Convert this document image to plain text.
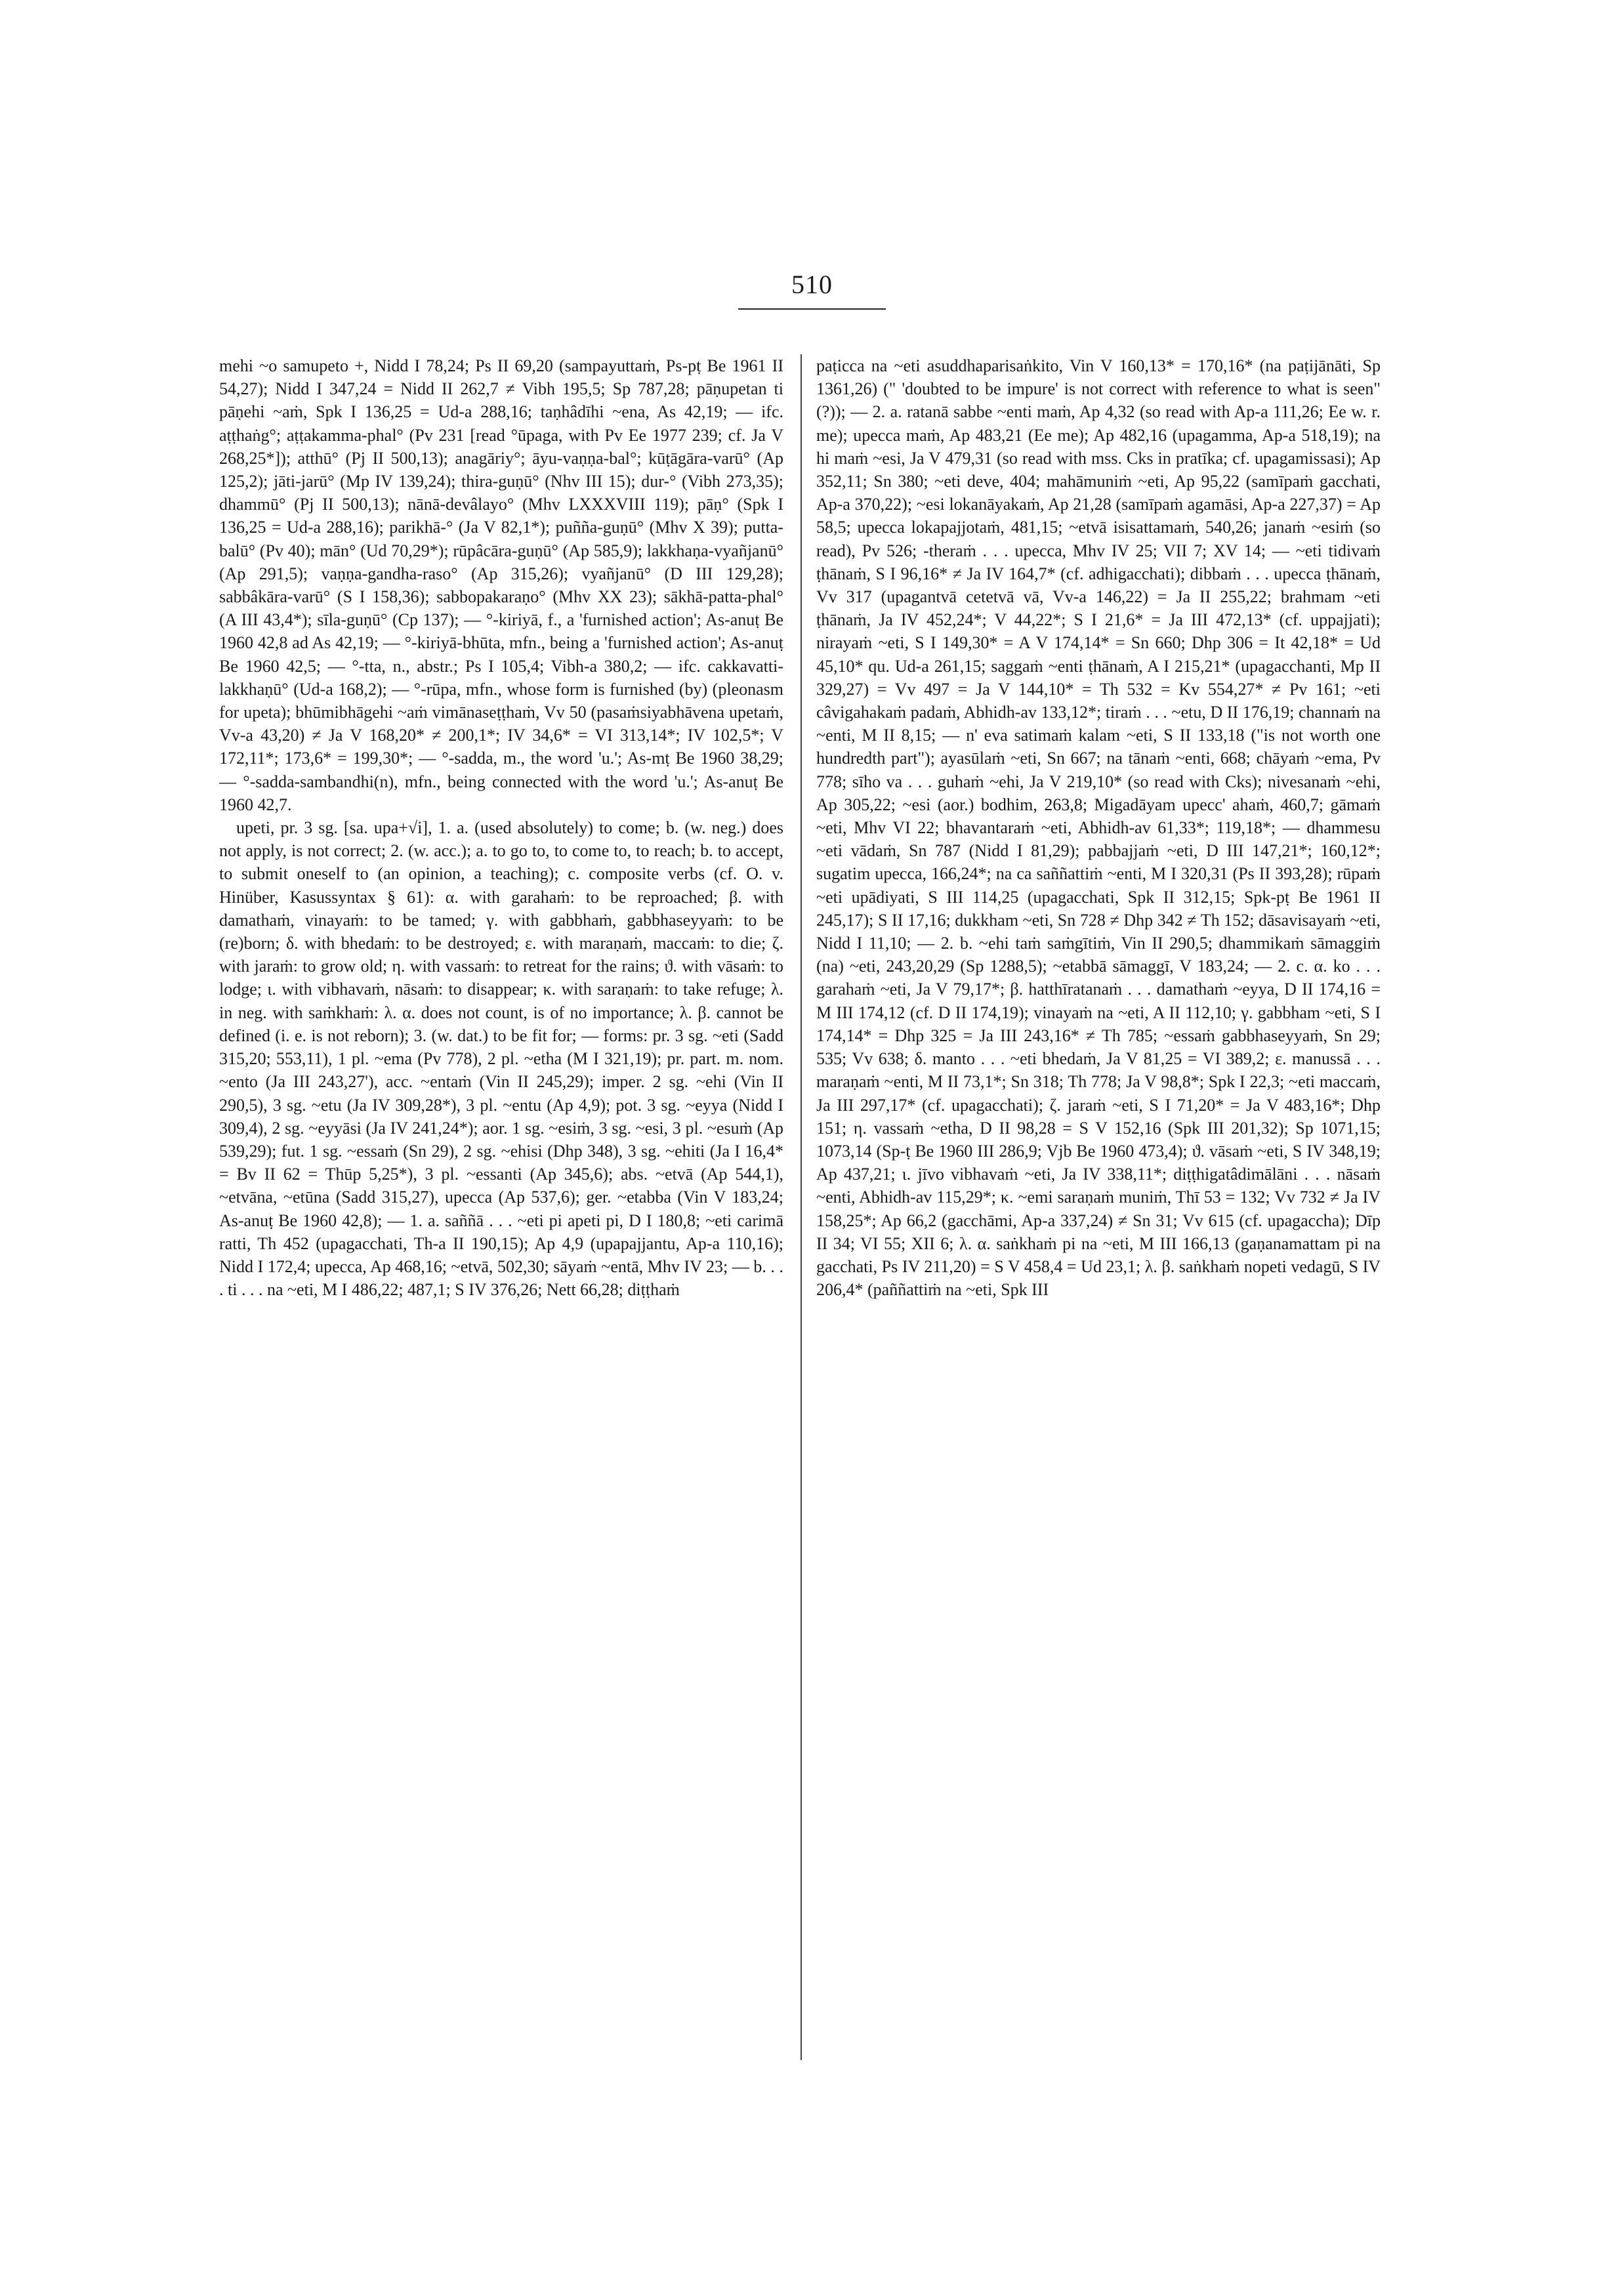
510

mehi ~o samupeto +, Nidd I 78,24; Ps II 69,20 (sampayuttaṁ, Ps-pṭ Be 1961 II 54,27); Nidd I 347,24 = Nidd II 262,7 ≠ Vibh 195,5; Sp 787,28; pāṇupetan ti pāṇehi ~aṁ, Spk I 136,25 = Ud-a 288,16; taṇhâdīhi ~ena, As 42,19; — ifc. aṭṭhaṅg°; aṭṭakamma-phal° (Pv 231 [read °ūpaga, with Pv Ee 1977 239; cf. Ja V 268,25*]); atthū° (Pj II 500,13); anagāriy°; āyu-vaṇṇa-bal°; kūṭāgāra-varū° (Ap 125,2); jāti-jarū° (Mp IV 139,24); thira-guṇū° (Nhv III 15); dur-° (Vibh 273,35); dhammū° (Pj II 500,13); nānā-devâlayo° (Mhv LXXXVIII 119); pāṇ° (Spk I 136,25 = Ud-a 288,16); parikhā-° (Ja V 82,1*); puñña-guṇū° (Mhv X 39); putta-balū° (Pv 40); mān° (Ud 70,29*); rūpâcāra-guṇū° (Ap 585,9); lakkhaṇa-vyañjanū° (Ap 291,5); vaṇṇa-gandha-raso° (Ap 315,26); vyañjanū° (D III 129,28); sabbâkāra-varū° (S I 158,36); sabbopakaraṇo° (Mhv XX 23); sākhā-patta-phal° (A III 43,4*); sīla-guṇū° (Cp 137); — °-kiriyā, f., a 'furnished action'; As-anuṭ Be 1960 42,8 ad As 42,19; — °-kiriyā-bhūta, mfn., being a 'furnished action'; As-anuṭ Be 1960 42,5; — °-tta, n., abstr.; Ps I 105,4; Vibh-a 380,2; — ifc. cakkavatti-lakkhaṇū° (Ud-a 168,2); — °-rūpa, mfn., whose form is furnished (by) (pleonasm for upeta); bhūmibhāgehi ~aṁ vimānaseṭṭhaṁ, Vv 50 (pasaṁsiyabhāvena upetaṁ, Vv-a 43,20) ≠ Ja V 168,20* ≠ 200,1*; IV 34,6* = VI 313,14*; IV 102,5*; V 172,11*; 173,6* = 199,30*; — °-sadda, m., the word 'u.'; As-mṭ Be 1960 38,29; — °-sadda-sambandhi(n), mfn., being connected with the word 'u.'; As-anuṭ Be 1960 42,7.

upeti, pr. 3 sg. [sa. upa+√i], 1. a. (used absolutely) to come; b. (w. neg.) does not apply, is not correct; 2. (w. acc.); a. to go to, to come to, to reach; b. to accept, to submit oneself to (an opinion, a teaching); c. composite verbs (cf. O. v. Hinüber, Kasussyntax § 61): α. with garahaṁ: to be reproached; β. with damathaṁ, vinayaṁ: to be tamed; γ. with gabbhaṁ, gabbhaseyyaṁ: to be (re)born; δ. with bhedaṁ: to be destroyed; ε. with maraṇaṁ, maccaṁ: to die; ζ. with jaraṁ: to grow old; η. with vassaṁ: to retreat for the rains; ϑ. with vāsaṁ: to lodge; ι. with vibhavaṁ, nāsaṁ: to disappear; κ. with saraṇaṁ: to take refuge; λ. in neg. with saṁkhaṁ: λ. α. does not count, is of no importance; λ. β. cannot be defined (i. e. is not reborn); 3. (w. dat.) to be fit for; — forms: pr. 3 sg. ~eti (Sadd 315,20; 553,11), 1 pl. ~ema (Pv 778), 2 pl. ~etha (M I 321,19); pr. part. m. nom. ~ento (Ja III 243,27'), acc. ~entaṁ (Vin II 245,29); imper. 2 sg. ~ehi (Vin II 290,5), 3 sg. ~etu (Ja IV 309,28*), 3 pl. ~entu (Ap 4,9); pot. 3 sg. ~eyya (Nidd I 309,4), 2 sg. ~eyyāsi (Ja IV 241,24*); aor. 1 sg. ~esiṁ, 3 sg. ~esi, 3 pl. ~esuṁ (Ap 539,29); fut. 1 sg. ~essaṁ (Sn 29), 2 sg. ~ehisi (Dhp 348), 3 sg. ~ehiti (Ja I 16,4* = Bv II 62 = Thūp 5,25*), 3 pl. ~essanti (Ap 345,6); abs. ~etvā (Ap 544,1), ~etvāna, ~etūna (Sadd 315,27), upecca (Ap 537,6); ger. ~etabba (Vin V 183,24; As-anuṭ Be 1960 42,8); — 1. a. saññā . . . ~eti pi apeti pi, D I 180,8; ~eti carimā ratti, Th 452 (upagacchati, Th-a II 190,15); Ap 4,9 (upapajjantu, Ap-a 110,16); Nidd I 172,4; upecca, Ap 468,16; ~etvā, 502,30; sāyaṁ ~entā, Mhv IV 23; — b. . . . ti . . . na ~eti, M I 486,22; 487,1; S IV 376,26; Nett 66,28; diṭṭhaṁ

paṭicca na ~eti asuddhaparisaṅkito, Vin V 160,13* = 170,16* (na paṭijānāti, Sp 1361,26) (" 'doubted to be impure' is not correct with reference to what is seen" (?)); — 2. a. ratanā sabbe ~enti maṁ, Ap 4,32 (so read with Ap-a 111,26; Ee w. r. me); upecca maṁ, Ap 483,21 (Ee me); Ap 482,16 (upagamma, Ap-a 518,19); na hi maṁ ~esi, Ja V 479,31 (so read with mss. Cks in pratīka; cf. upagamissasi); Ap 352,11; Sn 380; ~eti deve, 404; mahāmuniṁ ~eti, Ap 95,22 (samīpaṁ gacchati, Ap-a 370,22); ~esi lokanāyakaṁ, Ap 21,28 (samīpaṁ agamāsi, Ap-a 227,37) = Ap 58,5; upecca lokapajjotaṁ, 481,15; ~etvā isisattamaṁ, 540,26; janaṁ ~esiṁ (so read), Pv 526; -theraṁ . . . upecca, Mhv IV 25; VII 7; XV 14; — ~eti tidivaṁ ṭhānaṁ, S I 96,16* ≠ Ja IV 164,7* (cf. adhigacchati); dibbaṁ . . . upecca ṭhānaṁ, Vv 317 (upagantvā cetetvā vā, Vv-a 146,22) = Ja II 255,22; brahmam ~eti ṭhānaṁ, Ja IV 452,24*; V 44,22*; S I 21,6* = Ja III 472,13* (cf. uppajjati); nirayaṁ ~eti, S I 149,30* = A V 174,14* = Sn 660; Dhp 306 = It 42,18* = Ud 45,10* qu. Ud-a 261,15; saggaṁ ~enti ṭhānaṁ, A I 215,21* (upagacchanti, Mp II 329,27) = Vv 497 = Ja V 144,10* = Th 532 = Kv 554,27* ≠ Pv 161; ~eti câvigahakaṁ padaṁ, Abhidh-av 133,12*; tiraṁ . . . ~etu, D II 176,19; channaṁ na ~enti, M II 8,15; — n' eva satimaṁ kalam ~eti, S II 133,18 ("is not worth one hundredth part"); ayasūlaṁ ~eti, Sn 667; na tānaṁ ~enti, 668; chāyaṁ ~ema, Pv 778; sīho va . . . guhaṁ ~ehi, Ja V 219,10* (so read with Cks); nivesanaṁ ~ehi, Ap 305,22; ~esi (aor.) bodhim, 263,8; Migadāyam upecc' ahaṁ, 460,7; gāmaṁ ~eti, Mhv VI 22; bhavantaraṁ ~eti, Abhidh-av 61,33*; 119,18*; — dhammesu ~eti vādaṁ, Sn 787 (Nidd I 81,29); pabbajjaṁ ~eti, D III 147,21*; 160,12*; sugatim upecca, 166,24*; na ca saññattiṁ ~enti, M I 320,31 (Ps II 393,28); rūpaṁ ~eti upādiyati, S III 114,25 (upagacchati, Spk II 312,15; Spk-pṭ Be 1961 II 245,17); S II 17,16; dukkham ~eti, Sn 728 ≠ Dhp 342 ≠ Th 152; dāsavisayaṁ ~eti, Nidd I 11,10; — 2. b. ~ehi taṁ saṁgītiṁ, Vin II 290,5; dhammikaṁ sāmaggiṁ (na) ~eti, 243,20,29 (Sp 1288,5); ~etabbā sāmaggī, V 183,24; — 2. c. α. ko . . . garahaṁ ~eti, Ja V 79,17*; β. hatthīratanaṁ . . . damathaṁ ~eyya, D II 174,16 = M III 174,12 (cf. D II 174,19); vinayaṁ na ~eti, A II 112,10; γ. gabbham ~eti, S I 174,14* = Dhp 325 = Ja III 243,16* ≠ Th 785; ~essaṁ gabbhaseyyaṁ, Sn 29; 535; Vv 638; δ. manto . . . ~eti bhedaṁ, Ja V 81,25 = VI 389,2; ε. manussā . . . maraṇaṁ ~enti, M II 73,1*; Sn 318; Th 778; Ja V 98,8*; Spk I 22,3; ~eti maccaṁ, Ja III 297,17* (cf. upagacchati); ζ. jaraṁ ~eti, S I 71,20* = Ja V 483,16*; Dhp 151; η. vassaṁ ~etha, D II 98,28 = S V 152,16 (Spk III 201,32); Sp 1071,15; 1073,14 (Sp-ṭ Be 1960 III 286,9; Vjb Be 1960 473,4); ϑ. vāsaṁ ~eti, S IV 348,19; Ap 437,21; ι. jīvo vibhavaṁ ~eti, Ja IV 338,11*; diṭṭhigatâdimālāni . . . nāsaṁ ~enti, Abhidh-av 115,29*; κ. ~emi saraṇaṁ muniṁ, Thī 53 = 132; Vv 732 ≠ Ja IV 158,25*; Ap 66,2 (gacchāmi, Ap-a 337,24) ≠ Sn 31; Vv 615 (cf. upagaccha); Dīp II 34; VI 55; XII 6; λ. α. saṅkhaṁ pi na ~eti, M III 166,13 (gaṇanamattam pi na gacchati, Ps IV 211,20) = S V 458,4 = Ud 23,1; λ. β. saṅkhaṁ nopeti vedagū, S IV 206,4* (paññattiṁ na ~eti, Spk III
